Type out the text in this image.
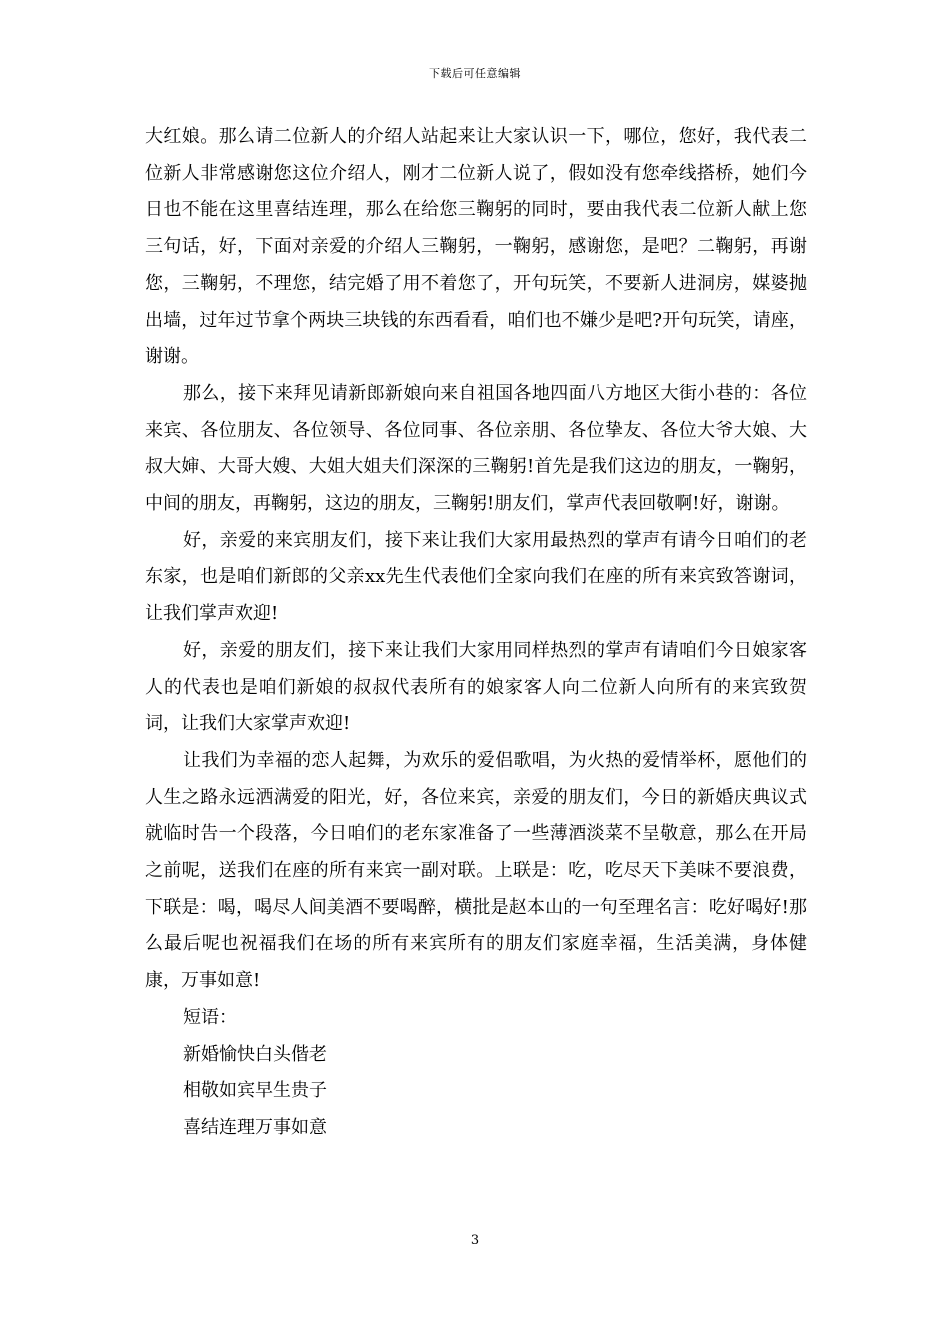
下载后可任意编辑

大红娘。那么请二位新人的介绍人站起来让大家认识一下，哪位，您好，我代表二位新人非常感谢您这位介绍人，刚才二位新人说了，假如没有您牵线搭桥，她们今日也不能在这里喜结连理，那么在给您三鞠躬的同时，要由我代表二位新人献上您三句话，好，下面对亲爱的介绍人三鞠躬，一鞠躬，感谢您，是吧？二鞠躬，再谢您，三鞠躬，不理您，结完婚了用不着您了，开句玩笑，不要新人进洞房，媒婆抛出墙，过年过节拿个两块三块钱的东西看看，咱们也不嫌少是吧?开句玩笑，请座，谢谢。

那么，接下来拜见请新郎新娘向来自祖国各地四面八方地区大街小巷的：各位来宾、各位朋友、各位领导、各位同事、各位亲朋、各位挚友、各位大爷大娘、大叔大婶、大哥大嫂、大姐大姐夫们深深的三鞠躬!首先是我们这边的朋友，一鞠躬，中间的朋友，再鞠躬，这边的朋友，三鞠躬!朋友们，掌声代表回敬啊!好，谢谢。

好，亲爱的来宾朋友们，接下来让我们大家用最热烈的掌声有请今日咱们的老东家，也是咱们新郎的父亲xx先生代表他们全家向我们在座的所有来宾致答谢词，让我们掌声欢迎!

好，亲爱的朋友们，接下来让我们大家用同样热烈的掌声有请咱们今日娘家客人的代表也是咱们新娘的叔叔代表所有的娘家客人向二位新人向所有的来宾致贺词，让我们大家掌声欢迎!

让我们为幸福的恋人起舞，为欢乐的爱侣歌唱，为火热的爱情举杯，愿他们的人生之路永远洒满爱的阳光，好，各位来宾，亲爱的朋友们，今日的新婚庆典议式就临时告一个段落，今日咱们的老东家准备了一些薄酒淡菜不呈敬意，那么在开局之前呢，送我们在座的所有来宾一副对联。上联是：吃，吃尽天下美味不要浪费，下联是：喝，喝尽人间美酒不要喝醉，横批是赵本山的一句至理名言：吃好喝好!那么最后呢也祝福我们在场的所有来宾所有的朋友们家庭幸福，生活美满，身体健康，万事如意!

短语：

新婚愉快白头偕老

相敬如宾早生贵子

喜结连理万事如意

3
